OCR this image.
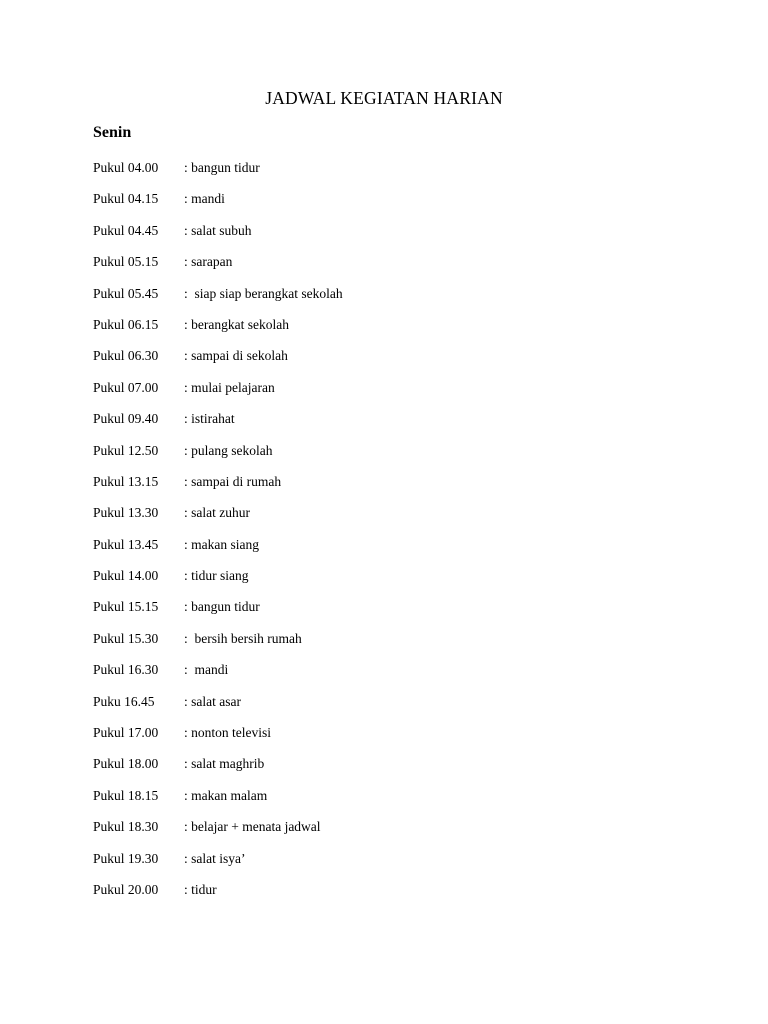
JADWAL KEGIATAN HARIAN
Senin
Pukul 04.00 : bangun tidur
Pukul 04.15 : mandi
Pukul 04.45 : salat subuh
Pukul 05.15 : sarapan
Pukul 05.45 :  siap siap berangkat sekolah
Pukul 06.15 : berangkat sekolah
Pukul 06.30 : sampai di sekolah
Pukul 07.00 : mulai pelajaran
Pukul 09.40 : istirahat
Pukul 12.50 : pulang sekolah
Pukul 13.15 : sampai di rumah
Pukul 13.30 : salat zuhur
Pukul 13.45 : makan siang
Pukul 14.00 : tidur siang
Pukul 15.15 : bangun tidur
Pukul 15.30 :  bersih bersih rumah
Pukul 16.30 :  mandi
Puku 16.45 : salat asar
Pukul 17.00 : nonton televisi
Pukul 18.00 : salat maghrib
Pukul 18.15 : makan malam
Pukul 18.30 : belajar + menata jadwal
Pukul 19.30 : salat isya’
Pukul 20.00 : tidur
